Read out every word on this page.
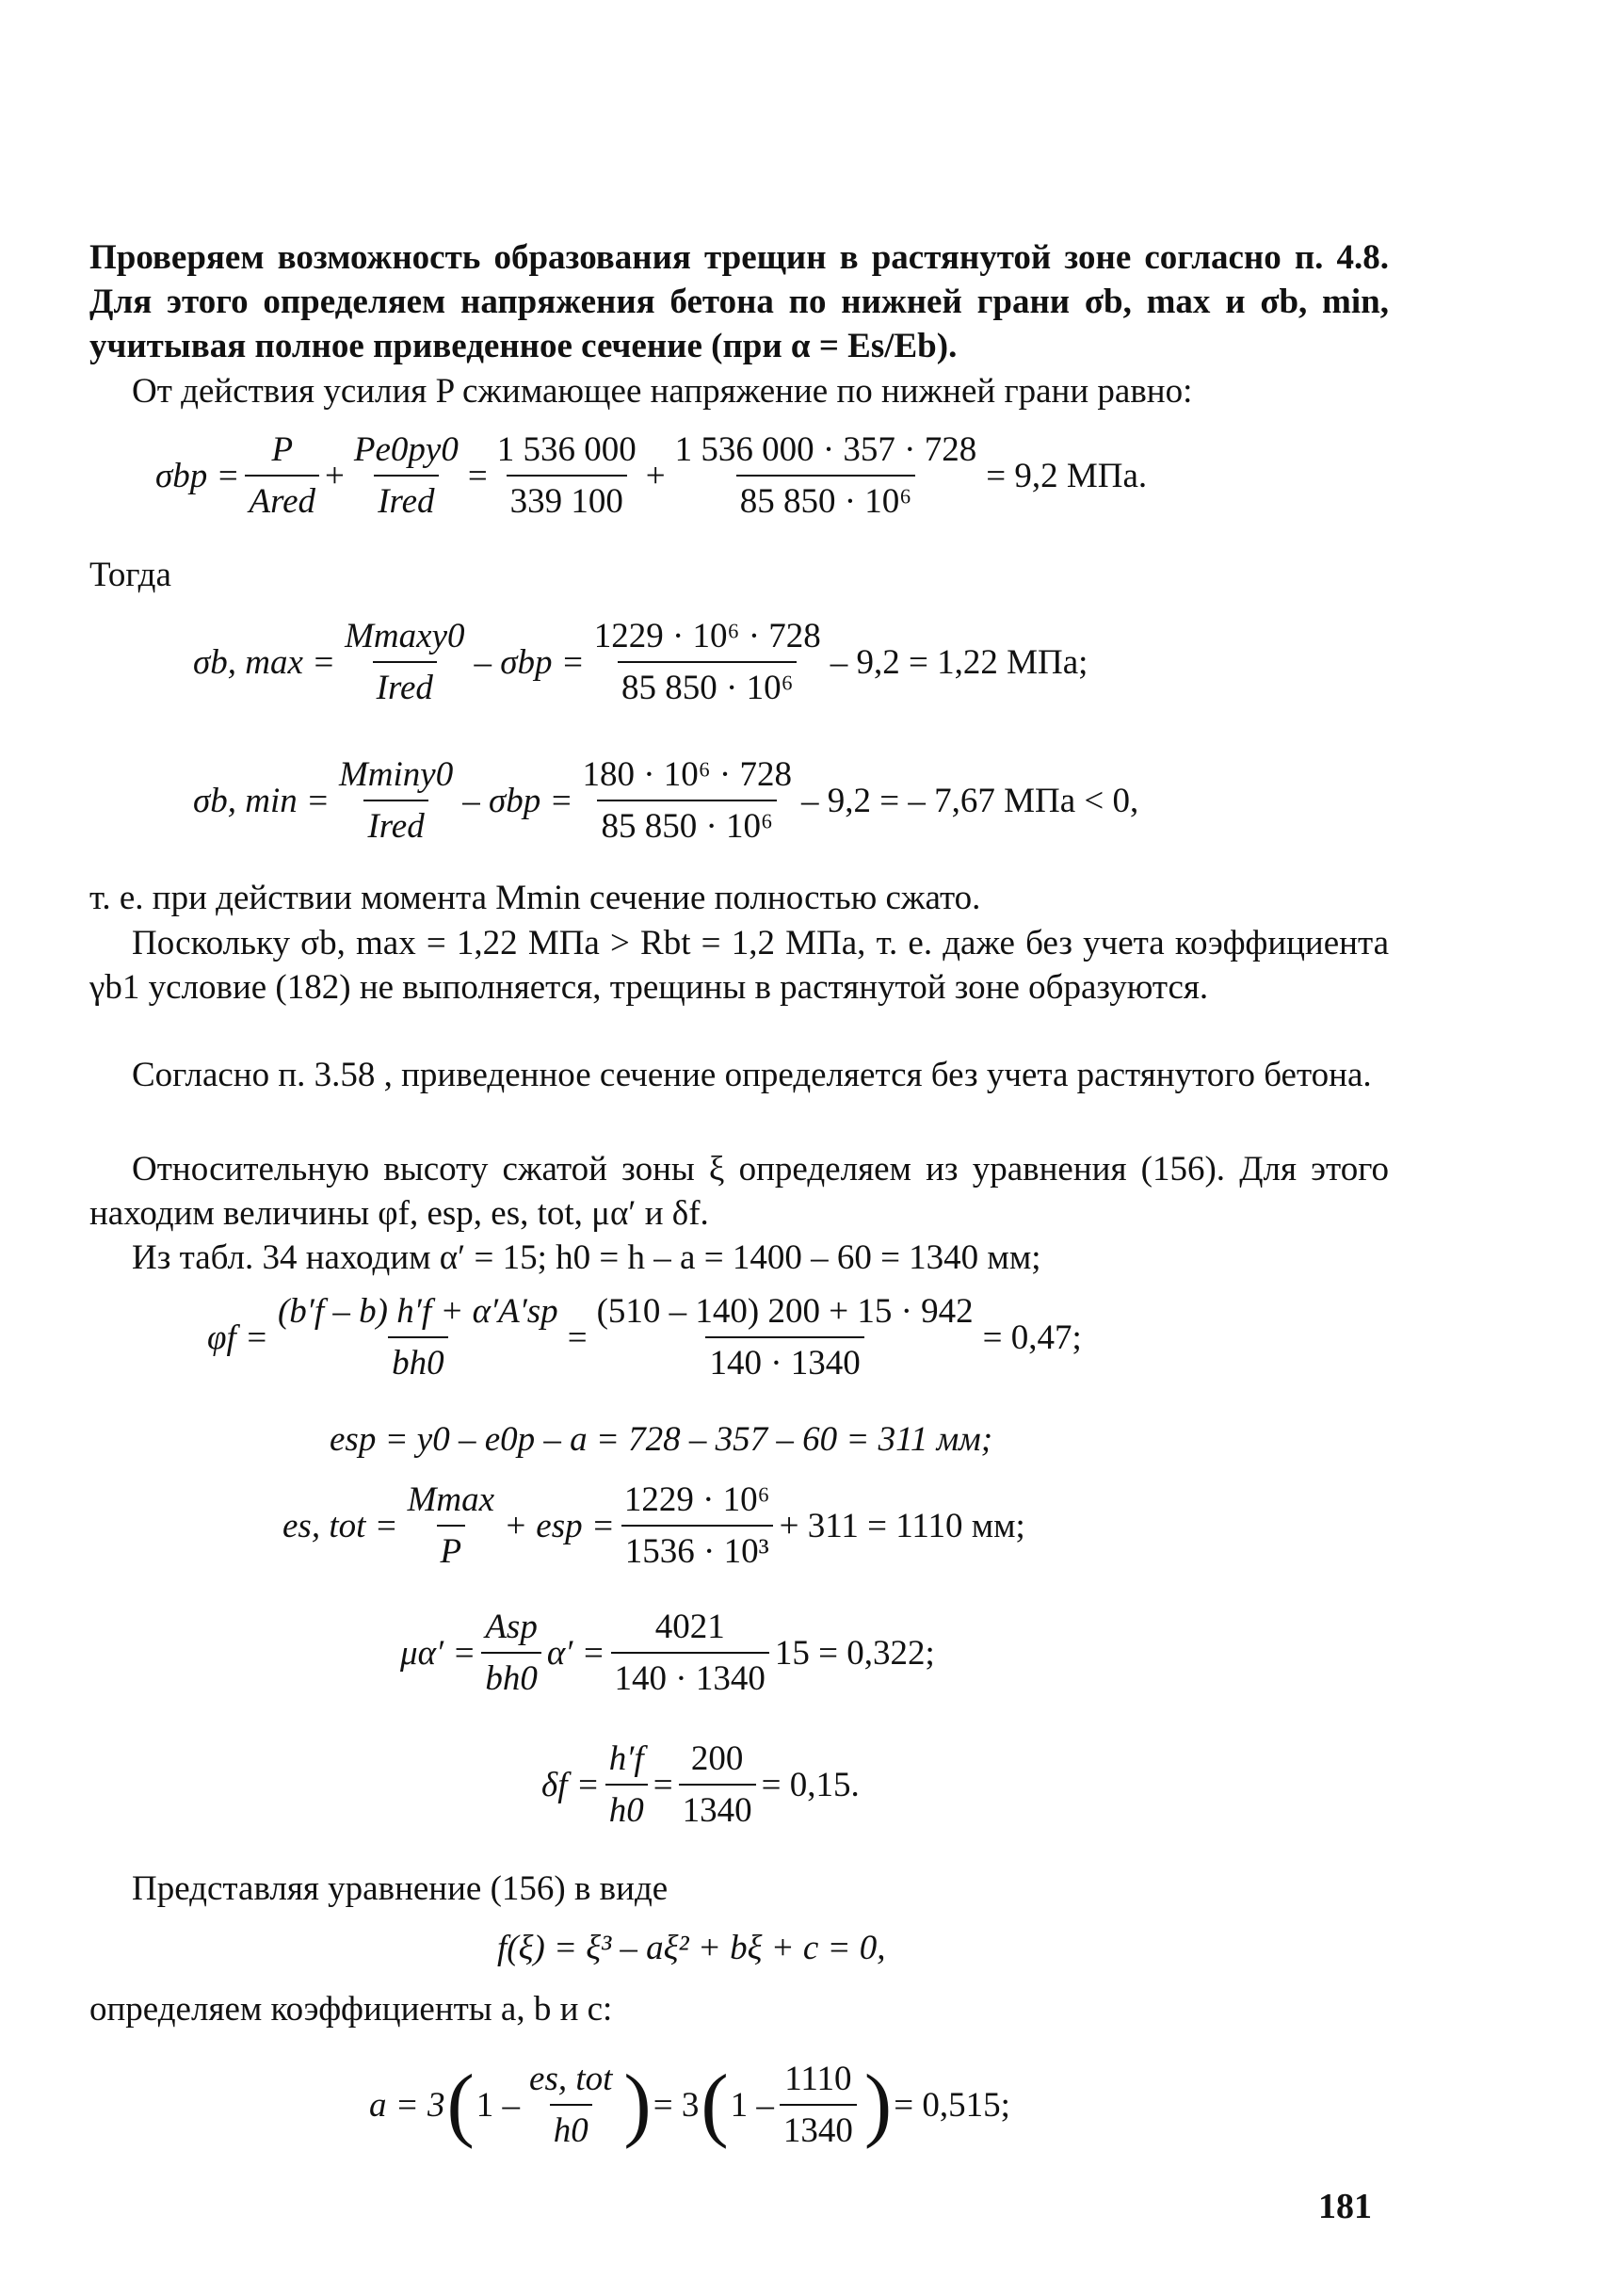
Проверяем возможность образования трещин в растянутой зоне согласно п. 4.8. Для этого определяем напряжения бетона по нижней грани σb, max и σb, min, учитывая полное приведенное сечение (при α = Es/Eb).
От действия усилия P сжимающее напряжение по нижней грани равно:
$\sigma bp = \frac{P}{\text{Ared}} + \frac{Pe0py0}{\text{Ired}} = \frac{1 536 000}{339 100} + \frac{1 536 000 \cdot 357 \cdot 728}{\text{85 850 · 10⁶}} = 9,2$ МПа.
Тогда
σb, $\max = \frac{Mmaxy0}{\text{Ired}} - \sigma bp = \frac{\text{1229 · 10⁶ · 728}}{\text{85 850 · 10⁶}} - 9,2 = 1,22$ МПа;
σb, $\min = \frac{Mminy0}{\text{Ired}} - \sigma bp = \frac{\text{180 · 10⁶ · 728}}{\text{85 850 · 10⁶}} - 9,2$ = – 7,67 МПа < 0,
т. е. при действии момента Mmin сечение полностью сжато.
Поскольку σb, max = 1,22 МПа > Rbt = 1,2 МПа, т. е. даже без учета коэффициента γb1 условие (182) не выполняется, трещины в растянутой зоне образуются.
Согласно п. 3.58 , приведенное сечение определяется без учета растянутого бетона.
Относительную высоту сжатой зоны ξ определяем из уравнения (156). Для этого находим величины φf, esp, es, tot, μα′ и δf.
Из табл. 34 находим α′ = 15; h0 = h – a = 1400 – 60 = 1340 мм;
$\varphi f = \frac{(b'f - b) h'f + \alpha'A'sp}{bh0} = \frac{(510 - 140) 200 + 15 \cdot 942}{140 \cdot 1340} = 0,47$;
esp = y0 – e0p – a = 728 – 357 – 60 = 311 мм;
es, tot = $\frac{Mmax}{P}$ + esp = $\frac{\text{1229 · 10⁶}}{\text{1536 · 10³}} + 311 = 1110$ мм;
$\mu\alpha' = \frac{\text{Asp}}{bh0} \alpha' = \frac{4021}{140 \cdot 1340} 15 = 0,322$;
$\delta f = \frac{h'f}{h0} = \frac{200}{1340} = 0,15$.
Представляя уравнение (156) в виде
f(ξ) = ξ³ – aξ² + bξ + c = 0,
определяем коэффициенты a, b и c:
a = 3 ( $1 - \frac{\text{es, tot}}{h0}$ ) = 3 ( $1 - \frac{1110}{1340}$ ) = 0,515;
181
